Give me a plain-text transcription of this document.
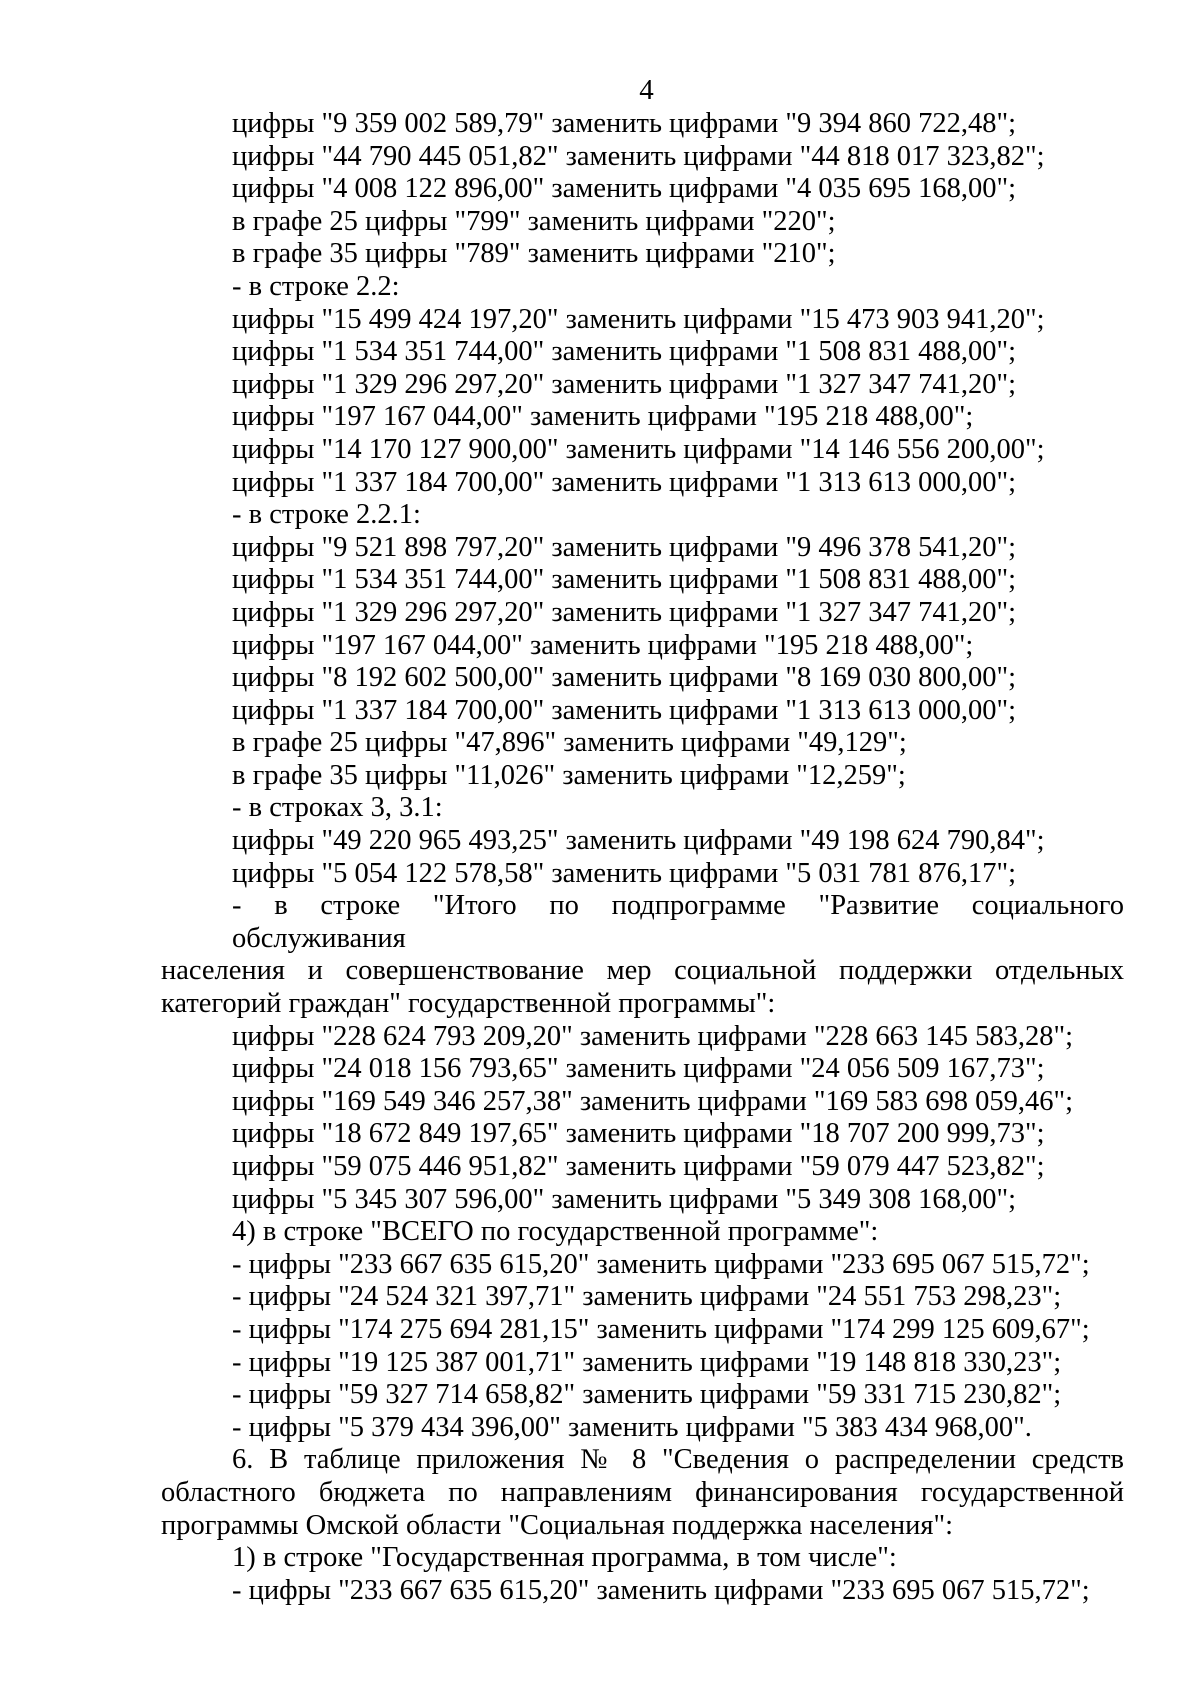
4
цифры "9 359 002 589,79" заменить цифрами "9 394 860 722,48";
цифры "44 790 445 051,82" заменить цифрами "44 818 017 323,82";
цифры "4 008 122 896,00" заменить цифрами "4 035 695 168,00";
в графе 25 цифры "799" заменить цифрами "220";
в графе 35 цифры "789" заменить цифрами "210";
- в строке 2.2:
цифры "15 499 424 197,20" заменить цифрами "15 473 903 941,20";
цифры "1 534 351 744,00" заменить цифрами "1 508 831 488,00";
цифры "1 329 296 297,20" заменить цифрами "1 327 347 741,20";
цифры "197 167 044,00" заменить цифрами "195 218 488,00";
цифры "14 170 127 900,00" заменить цифрами "14 146 556 200,00";
цифры "1 337 184 700,00" заменить цифрами "1 313 613 000,00";
- в строке 2.2.1:
цифры "9 521 898 797,20" заменить цифрами "9 496 378 541,20";
цифры "1 534 351 744,00" заменить цифрами "1 508 831 488,00";
цифры "1 329 296 297,20" заменить цифрами "1 327 347 741,20";
цифры "197 167 044,00" заменить цифрами "195 218 488,00";
цифры "8 192 602 500,00" заменить цифрами "8 169 030 800,00";
цифры "1 337 184 700,00" заменить цифрами "1 313 613 000,00";
в графе 25 цифры "47,896" заменить цифрами "49,129";
в графе 35 цифры "11,026" заменить цифрами "12,259";
- в строках 3, 3.1:
цифры "49 220 965 493,25" заменить цифрами "49 198 624 790,84";
цифры "5 054 122 578,58" заменить цифрами "5 031 781 876,17";
- в строке "Итого по подпрограмме "Развитие социального обслуживания
населения и совершенствование мер социальной поддержки отдельных
категорий граждан" государственной программы":
цифры "228 624 793 209,20" заменить цифрами "228 663 145 583,28";
цифры "24 018 156 793,65" заменить цифрами "24 056 509 167,73";
цифры "169 549 346 257,38" заменить цифрами "169 583 698 059,46";
цифры "18 672 849 197,65" заменить цифрами "18 707 200 999,73";
цифры "59 075 446 951,82" заменить цифрами "59 079 447 523,82";
цифры "5 345 307 596,00" заменить цифрами "5 349 308 168,00";
4) в строке "ВСЕГО по государственной программе":
- цифры "233 667 635 615,20" заменить цифрами "233 695 067 515,72";
- цифры "24 524 321 397,71" заменить цифрами "24 551 753 298,23";
- цифры "174 275 694 281,15" заменить цифрами "174 299 125 609,67";
- цифры "19 125 387 001,71" заменить цифрами "19 148 818 330,23";
- цифры "59 327 714 658,82" заменить цифрами "59 331 715 230,82";
- цифры "5 379 434 396,00" заменить цифрами "5 383 434 968,00".
6. В таблице приложения № 8 "Сведения о распределении средств
областного бюджета по направлениям финансирования государственной
программы Омской области "Социальная поддержка населения":
1) в строке "Государственная программа, в том числе":
- цифры "233 667 635 615,20" заменить цифрами "233 695 067 515,72";
